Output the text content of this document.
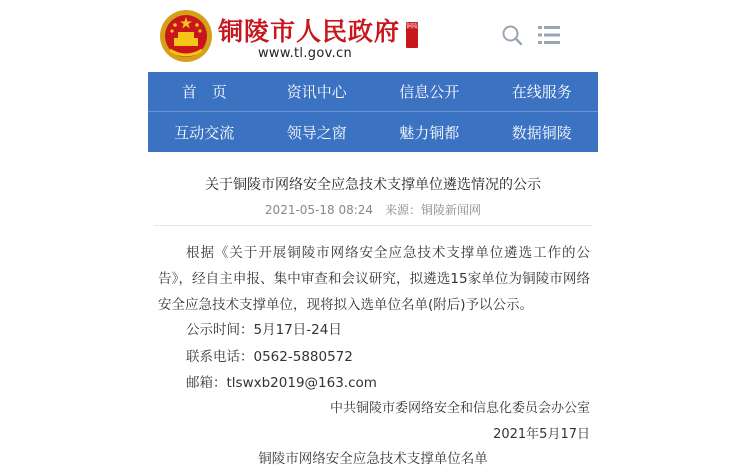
铜陵市人民政府 铜陵
www.tl.gov.cn
首　页	资讯中心	信息公开	在线服务
互动交流	领导之窗	魅力铜都	数据铜陵
关于铜陵市网络安全应急技术支撑单位遴选情况的公示
2021-05-18 08:24　来源：铜陵新闻网
根据《关于开展铜陵市网络安全应急技术支撑单位遴选工作的公告》，经自主申报、集中审查和会议研究，拟遴选15家单位为铜陵市网络安全应急技术支撑单位，现将拟入选单位名单(附后)予以公示。
公示时间：5月17日-24日
联系电话：0562-5880572
邮箱：tlswxb2019@163.com
中共铜陵市委网络安全和信息化委员会办公室
2021年5月17日
铜陵市网络安全应急技术支撑单位名单
